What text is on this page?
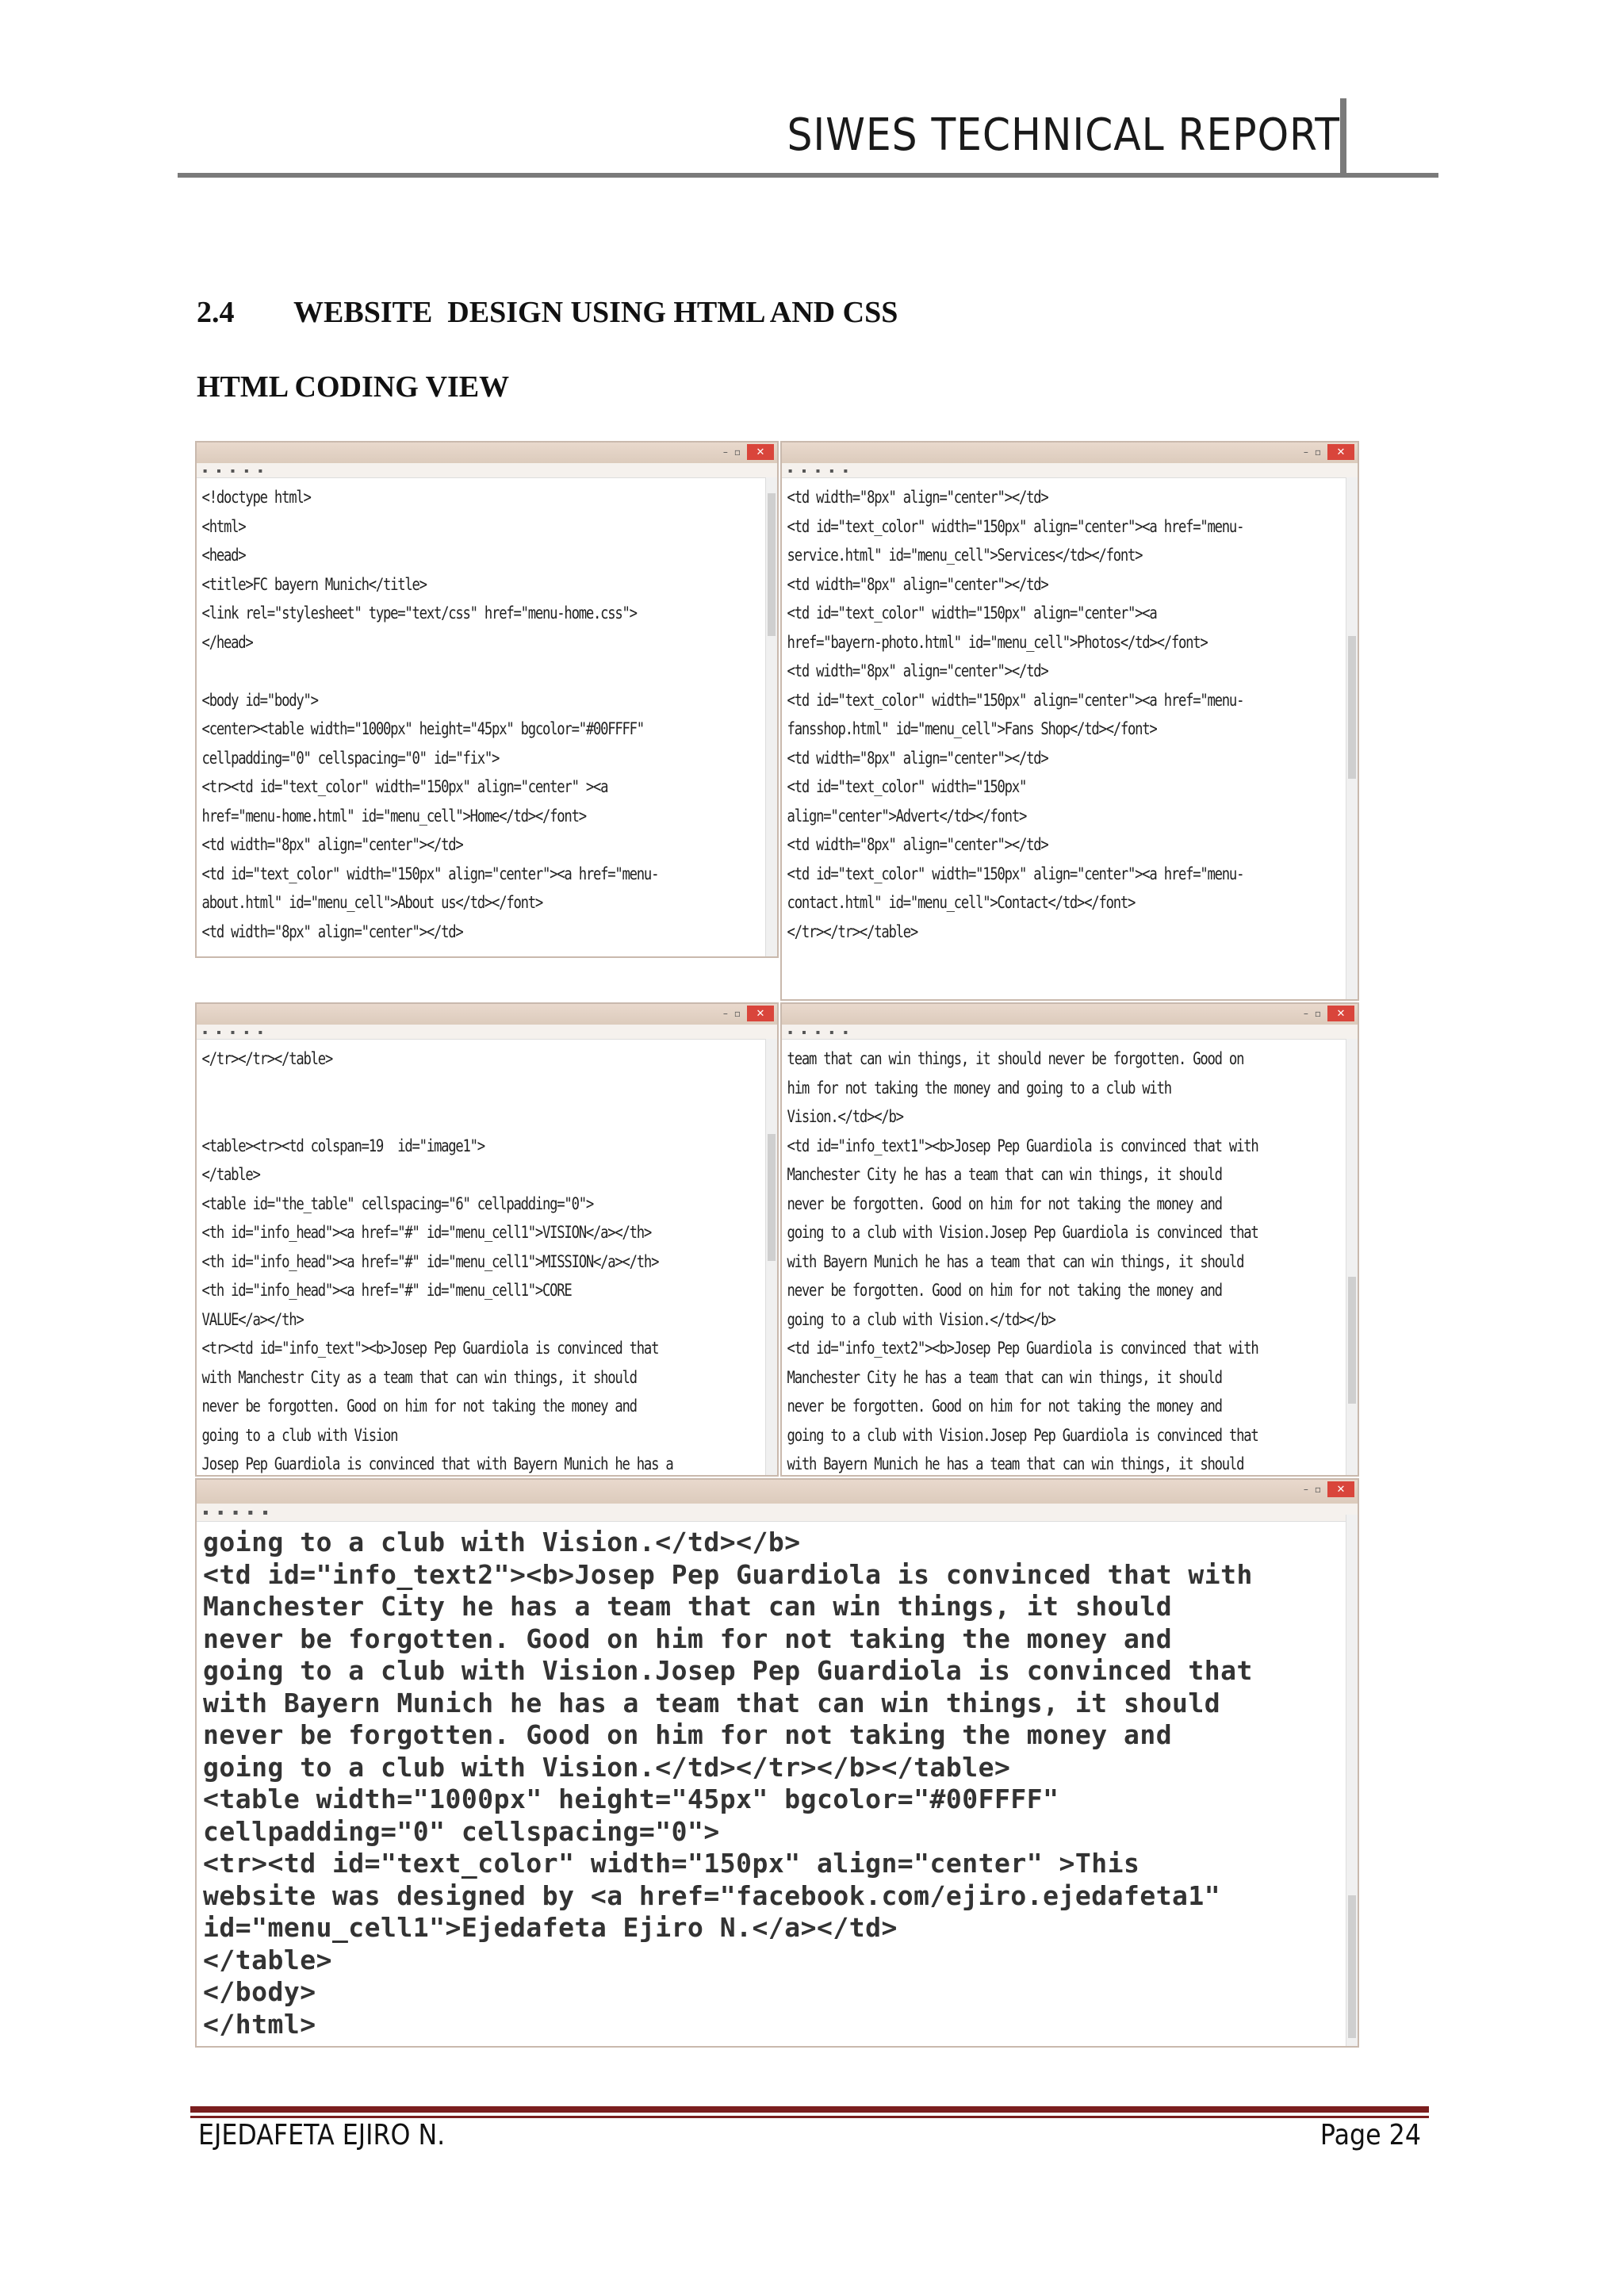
SIWES TECHNICAL REPORT
2.4 WEBSITE  DESIGN USING HTML AND CSS
HTML CODING VIEW
– ▫	✕
▪ ▪ ▪ ▪ ▪
<!doctype html>
<html>
<head>
<title>FC bayern Munich</title>
<link rel="stylesheet" type="text/css" href="menu-home.css">
</head>

<body id="body">
<center><table width="1000px" height="45px" bgcolor="#00FFFF"
cellpadding="0" cellspacing="0" id="fix">
<tr><td id="text_color" width="150px" align="center" ><a
href="menu-home.html" id="menu_cell">Home</td></font>
<td width="8px" align="center"></td>
<td id="text_color" width="150px" align="center"><a href="menu-
about.html" id="menu_cell">About us</td></font>
<td width="8px" align="center"></td>
– ▫	✕
▪ ▪ ▪ ▪ ▪
<td width="8px" align="center"></td>
<td id="text_color" width="150px" align="center"><a href="menu-
service.html" id="menu_cell">Services</td></font>
<td width="8px" align="center"></td>
<td id="text_color" width="150px" align="center"><a
href="bayern-photo.html" id="menu_cell">Photos</td></font>
<td width="8px" align="center"></td>
<td id="text_color" width="150px" align="center"><a href="menu-
fansshop.html" id="menu_cell">Fans Shop</td></font>
<td width="8px" align="center"></td>
<td id="text_color" width="150px"
align="center">Advert</td></font>
<td width="8px" align="center"></td>
<td id="text_color" width="150px" align="center"><a href="menu-
contact.html" id="menu_cell">Contact</td></font>
</tr></tr></table>
– ▫	✕
▪ ▪ ▪ ▪ ▪
</tr></tr></table>

<table><tr><td colspan=19  id="image1">
</table>
<table id="the_table" cellspacing="6" cellpadding="0">
<th id="info_head"><a href="#" id="menu_cell1">VISION</a></th>
<th id="info_head"><a href="#" id="menu_cell1">MISSION</a></th>
<th id="info_head"><a href="#" id="menu_cell1">CORE
VALUE</a></th>
<tr><td id="info_text"><b>Josep Pep Guardiola is convinced that
with Manchestr City as a team that can win things, it should
never be forgotten. Good on him for not taking the money and
going to a club with Vision
Josep Pep Guardiola is convinced that with Bayern Munich he has a

– ▫	✕
▪ ▪ ▪ ▪ ▪
team that can win things, it should never be forgotten. Good on
him for not taking the money and going to a club with
Vision.</td></b>
<td id="info_text1"><b>Josep Pep Guardiola is convinced that with
Manchester City he has a team that can win things, it should
never be forgotten. Good on him for not taking the money and
going to a club with Vision.Josep Pep Guardiola is convinced that
with Bayern Munich he has a team that can win things, it should
never be forgotten. Good on him for not taking the money and
going to a club with Vision.</td></b>
<td id="info_text2"><b>Josep Pep Guardiola is convinced that with
Manchester City he has a team that can win things, it should
never be forgotten. Good on him for not taking the money and
going to a club with Vision.Josep Pep Guardiola is convinced that
with Bayern Munich he has a team that can win things, it should

– ▫	✕
▪ ▪ ▪ ▪ ▪
going to a club with Vision.</td></b>
<td id="info_text2"><b>Josep Pep Guardiola is convinced that with
Manchester City he has a team that can win things, it should
never be forgotten. Good on him for not taking the money and
going to a club with Vision.Josep Pep Guardiola is convinced that
with Bayern Munich he has a team that can win things, it should
never be forgotten. Good on him for not taking the money and
going to a club with Vision.</td></tr></b></table>
<table width="1000px" height="45px" bgcolor="#00FFFF"
cellpadding="0" cellspacing="0">
<tr><td id="text_color" width="150px" align="center" >This
website was designed by <a href="facebook.com/ejiro.ejedafeta1"
id="menu_cell1">Ejedafeta Ejiro N.</a></td>
</table>
</body>
</html>
EJEDAFETA EJIRO N.	Page 24
